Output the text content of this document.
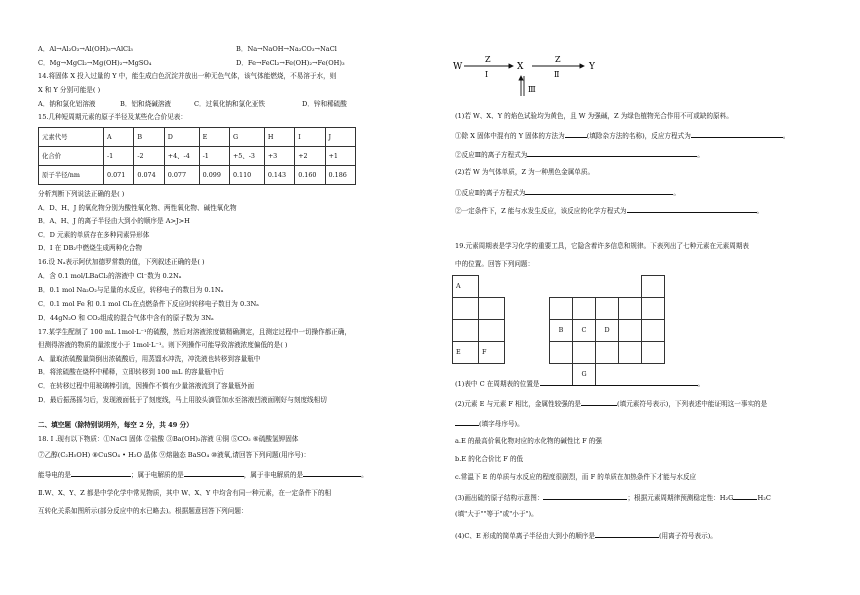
A．Al→Al₂O₃→Al(OH)₃→AlCl₃	B．Na→NaOH→Na₂CO₃→NaCl
C．Mg→MgCl₂→Mg(OH)₂→MgSO₄	D．Fe→FeCl₂→Fe(OH)₂→Fe(OH)₃
14.将固体 X 投入过量的 Y 中，能生成白色沉淀并放出一种无色气体，该气体能燃烧，不易溶于水，则
X 和 Y 分别可能是( )
A．钠和氯化铝溶液	B．铝和烧碱溶液	C．过氧化钠和氯化亚铁	D．锌和稀硫酸
15.几种短周期元素的原子半径及某些化合价见表：
元素代号	A	B	D	E	G	H	I	J
化合价	-1	-2	+4、-4	-1	+5、-3	+3	+2	+1
原子半径/nm	0.071	0.074	0.077	0.099	0.110	0.143	0.160	0.186
分析判断下列说法正确的是( )
A．D、H、J 的氧化物分别为酸性氧化物、两性氧化物、碱性氧化物
B．A、H、J 的离子半径由大到小的顺序是 A>J>H
C．D 元素的单质存在多种同素异形体
D．I 在 DB₂中燃烧生成两种化合物
16.设 Nₐ表示阿伏加德罗常数的值，下列叙述正确的是( )
A．含 0.1 mol/LBaCl₂的溶液中 Cl⁻数为 0.2Nₐ
B．0.1 mol Na₂O₂与足量的水反应，转移电子的数目为 0.1Nₐ
C．0.1 mol Fe 和 0.1 mol Cl₂在点燃条件下反应时转移电子数目为 0.3Nₐ
D．44gN₂O 和 CO₂组成的混合气体中含有的原子数为 3Nₐ
17.某学生配制了 100 mL 1mol·L⁻¹的硫酸，然后对溶液浓度做精确测定，且测定过程中一切操作都正确，
但测得溶液的物质的量浓度小于 1mol·L⁻¹。则下列操作可能导致溶液浓度偏低的是( )
A．量取浓硫酸量筒倒出浓硫酸后，用蒸馏水冲洗，冲洗液也转移到容量瓶中
B．将浓硫酸在烧杯中稀释，立即转移到 100 mL 的容量瓶中后
C．在转移过程中用玻璃棒引流，因操作不慎有少量溶液流到了容量瓶外面
D．最后振荡摇匀后，发现液面低于了刻度线，马上用胶头滴管加水至溶液凹液面刚好与刻度线相切
二、填空题（除特别说明外，每空 2 分，共 49 分）
18. Ⅰ .现有以下物质：①NaCl 固体 ②盐酸 ③Ba(OH)₂溶液 ④铜 ⑤CO₂ ⑥硫酸氢钾固体
⑦乙醇(C₂H₅OH) ⑧CuSO₄ • H₂O 晶体 ⑨熔融态 BaSO₄ ⑩液氧,请回答下列问题(用序号)：
能导电的是	；属于电解质的是	，属于非电解质的是	。
Ⅱ.W、X、Y、Z 都是中学化学中常见物质，其中 W、X、Y 中均含有同一种元素，在一定条件下的相
互转化关系如图所示(部分反应中的水已略去)。根据题意回答下列问题：
W	X	Y
Z	Z
Ⅰ	Ⅱ
Ⅲ
(1)若 W、X、Y 的焰色试验均为黄色，且 W 为强碱，Z 为绿色植物光合作用不可或缺的原料。
①除 X 固体中混有的 Y 固体的方法为	(填除杂方法的名称)，反应方程式为	。
②反应Ⅲ的离子方程式为	。
(2)若 W 为气体单质，Z 为一种黑色金属单质。
①反应Ⅱ的离子方程式为	。
②一定条件下，Z 能与水发生反应，该反应的化学方程式为	。
19.元素周期表是学习化学的重要工具，它隐含着许多信息和规律。下表列出了七种元素在元素周期表
中的位置。回答下列问题：
A								

				B	C	D		
E	F							
					G			
(1)表中 C 在周期表的位置是	。
(2)元素 E 与元素 F 相比，金属性较强的是	(填元素符号表示)，下列表述中能证明这一事实的是
(填字母序号)。
a.E 的最高价氧化物对应的水化物的碱性比 F 的强
b.E 的化合价比 F 的低
c.常温下 E 的单质与水反应的程度很剧烈，而 F 的单质在加热条件下才能与水反应
(3)画出硫的原子结构示意图：	；根据元素周期律预测稳定性：H₂G	H₂C
(填"大于""等于"或"小于")。
(4)C、E 形成的简单离子半径由大到小的顺序是	(用离子符号表示)。
